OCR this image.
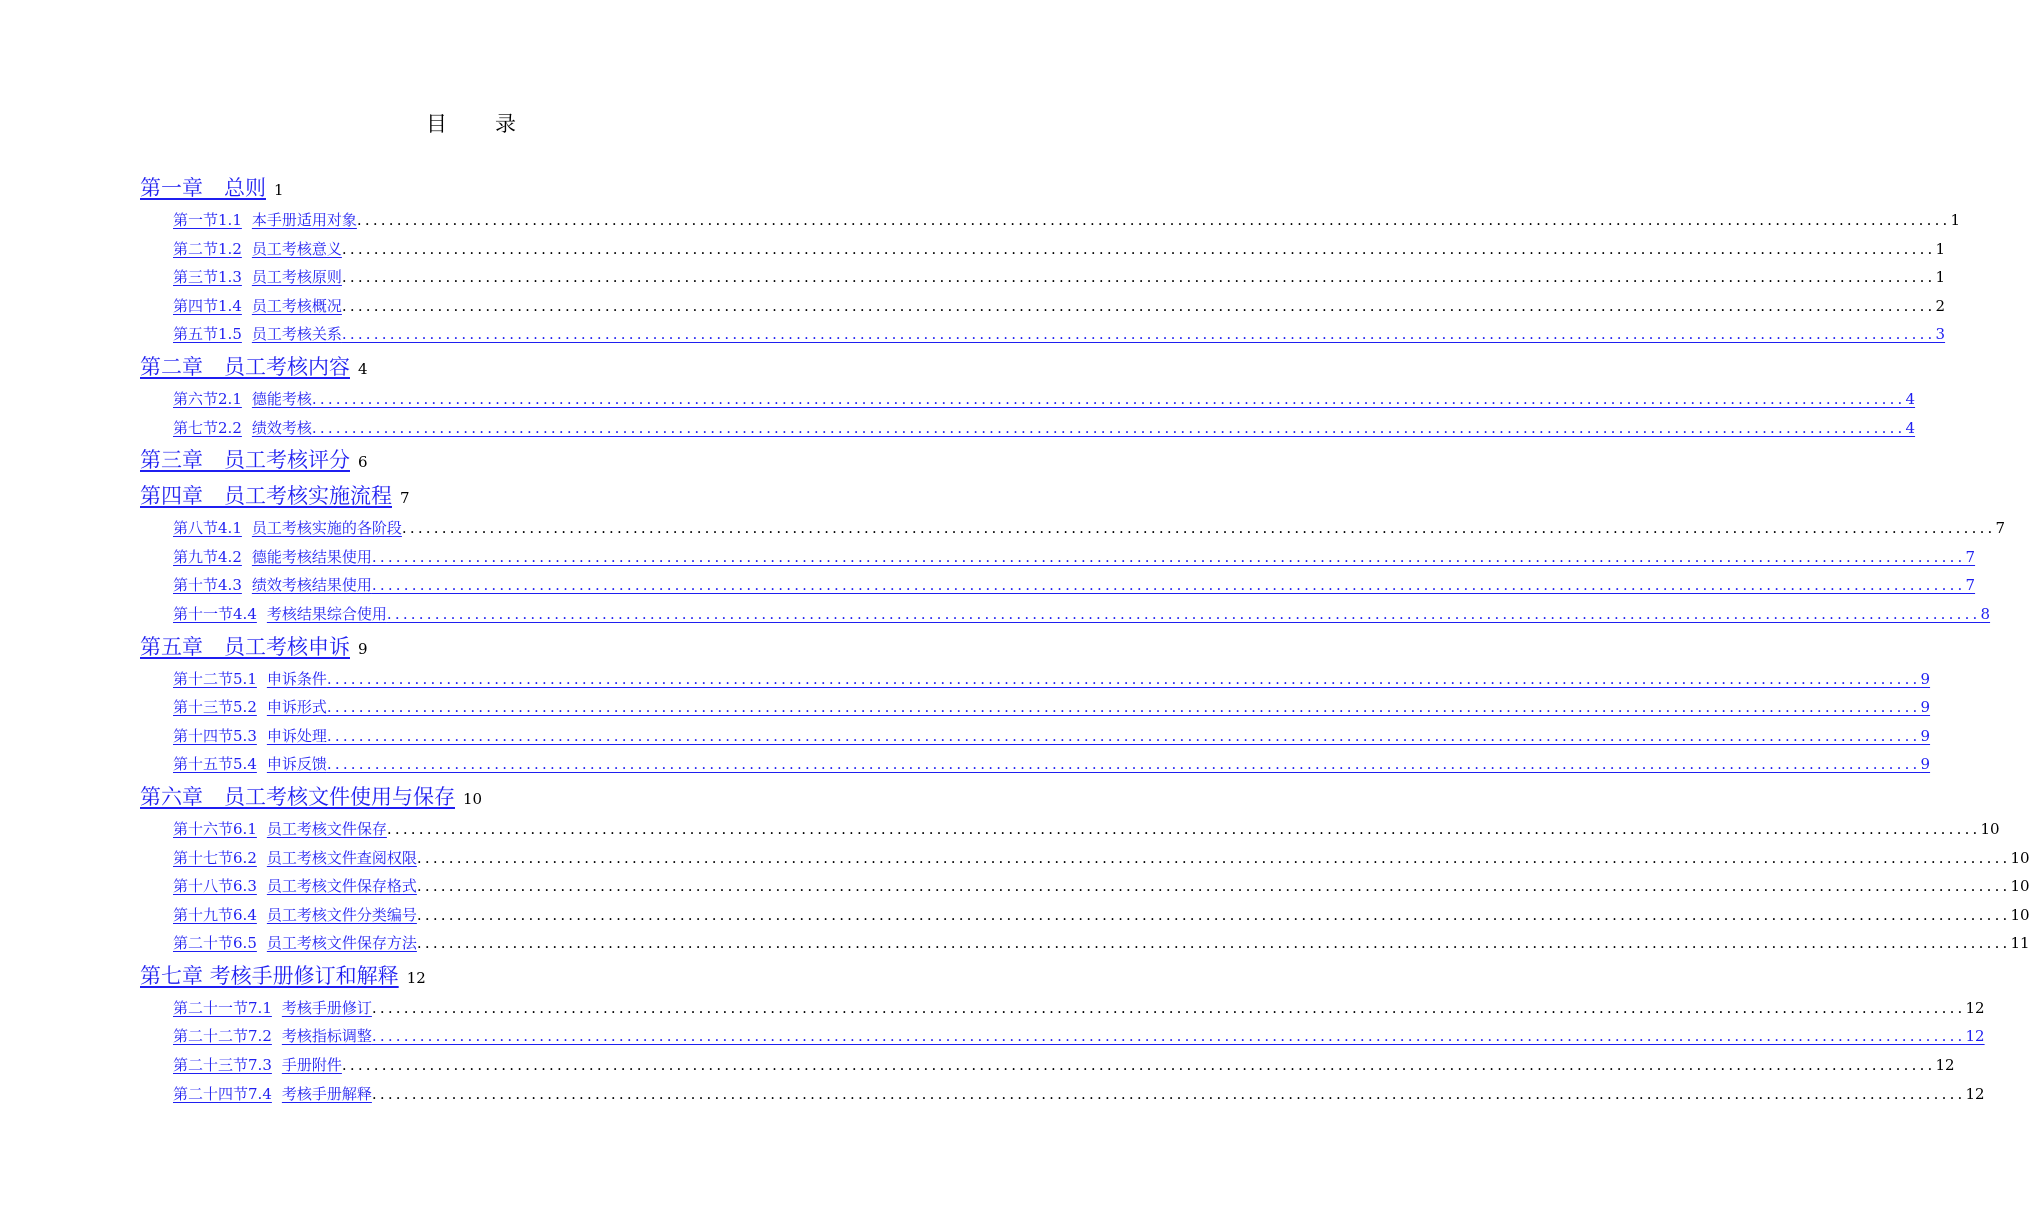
目录
第一章　总则 1
第一节 1.1 本手册适用对象 ........................................................................................................................................................................................................ 1
第二节 1.2 员工考核意义 ........................................................................................................................................................................................................ 1
第三节 1.3 员工考核原则 ........................................................................................................................................................................................................ 1
第四节 1.4 员工考核概况 ........................................................................................................................................................................................................ 2
第五节 1.5 员工考核关系 ........................................................................................................................................................................................................ 3
第二章　员工考核内容 4
第六节 2.1 德能考核 ........................................................................................................................................................................................................ 4
第七节 2.2 绩效考核 ........................................................................................................................................................................................................ 4
第三章　员工考核评分 6
第四章　员工考核实施流程 7
第八节 4.1 员工考核实施的各阶段 ........................................................................................................................................................................................................ 7
第九节 4.2 德能考核结果使用 ........................................................................................................................................................................................................ 7
第十节 4.3 绩效考核结果使用 ........................................................................................................................................................................................................ 7
第十一节 4.4 考核结果综合使用 ........................................................................................................................................................................................................ 8
第五章　员工考核申诉 9
第十二节 5.1 申诉条件 ........................................................................................................................................................................................................ 9
第十三节 5.2 申诉形式 ........................................................................................................................................................................................................ 9
第十四节 5.3 申诉处理 ........................................................................................................................................................................................................ 9
第十五节 5.4 申诉反馈 ........................................................................................................................................................................................................ 9
第六章　员工考核文件使用与保存 10
第十六节 6.1 员工考核文件保存 ........................................................................................................................................................................................................ 10
第十七节 6.2 员工考核文件查阅权限 ........................................................................................................................................................................................................ 10
第十八节 6.3 员工考核文件保存格式 ........................................................................................................................................................................................................ 10
第十九节 6.4 员工考核文件分类编号 ........................................................................................................................................................................................................ 10
第二十节 6.5 员工考核文件保存方法 ........................................................................................................................................................................................................ 11
第七章 考核手册修订和解释 12
第二十一节 7.1 考核手册修订 ........................................................................................................................................................................................................ 12
第二十二节 7.2 考核指标调整 ........................................................................................................................................................................................................ 12
第二十三节 7.3 手册附件 ........................................................................................................................................................................................................ 12
第二十四节 7.4 考核手册解释 ........................................................................................................................................................................................................ 12
